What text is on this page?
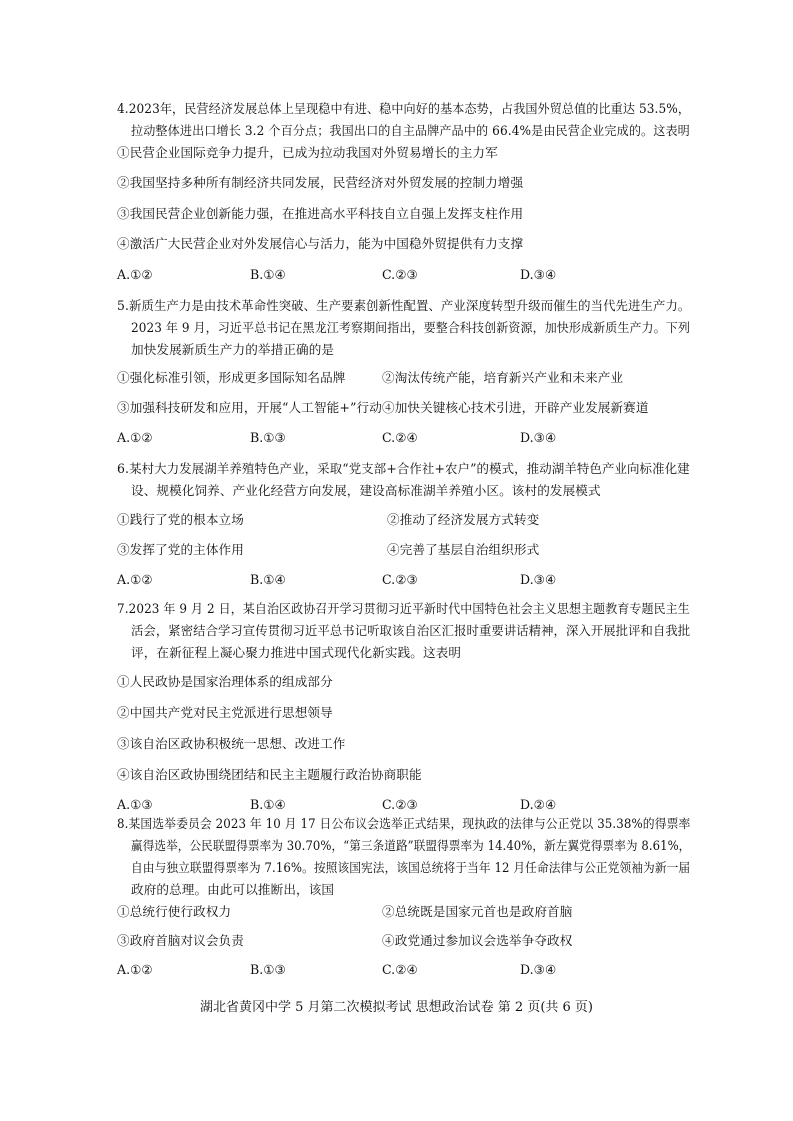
4.2023年，民营经济发展总体上呈现稳中有进、稳中向好的基本态势，占我国外贸总值的比重达 53.5%，
拉动整体进出口增长 3.2 个百分点；我国出口的自主品牌产品中的 66.4%是由民营企业完成的。这表明
①民营企业国际竞争力提升，已成为拉动我国对外贸易增长的主力军
②我国坚持多种所有制经济共同发展，民营经济对外贸发展的控制力增强
③我国民营企业创新能力强，在推进高水平科技自立自强上发挥支柱作用
④激活广大民营企业对外发展信心与活力，能为中国稳外贸提供有力支撑
A.①②	B.①④	C.②③	D.③④
5.新质生产力是由技术革命性突破、生产要素创新性配置、产业深度转型升级而催生的当代先进生产力。
2023 年 9 月，习近平总书记在黑龙江考察期间指出，要整合科技创新资源，加快形成新质生产力。下列
加快发展新质生产力的举措正确的是
①强化标准引领，形成更多国际知名品牌	②淘汰传统产能，培育新兴产业和未来产业
③加强科技研发和应用，开展“人工智能+”行动 ④加快关键核心技术引进，开辟产业发展新赛道
A.①②	B.①③	C.②④	D.③④
6.某村大力发展湖羊养殖特色产业，采取“党支部+合作社+农户”的模式，推动湖羊特色产业向标准化建
设、规模化饲养、产业化经营方向发展，建设高标准湖羊养殖小区。该村的发展模式
①践行了党的根本立场	②推动了经济发展方式转变
③发挥了党的主体作用	④完善了基层自治组织形式
A.①②	B.①④	C.②③	D.③④
7.2023 年 9 月 2 日，某自治区政协召开学习贯彻习近平新时代中国特色社会主义思想主题教育专题民主生
活会，紧密结合学习宣传贯彻习近平总书记听取该自治区汇报时重要讲话精神，深入开展批评和自我批
评，在新征程上凝心聚力推进中国式现代化新实践。这表明
①人民政协是国家治理体系的组成部分
②中国共产党对民主党派进行思想领导
③该自治区政协积极统一思想、改进工作
④该自治区政协围绕团结和民主主题履行政治协商职能
A.①③	B.①④	C.②③	D.②④
8.某国选举委员会 2023 年 10 月 17 日公布议会选举正式结果，现执政的法律与公正党以 35.38%的得票率
赢得选举，公民联盟得票率为 30.70%，“第三条道路”联盟得票率为 14.40%，新左翼党得票率为 8.61%，
自由与独立联盟得票率为 7.16%。按照该国宪法，该国总统将于当年 12 月任命法律与公正党领袖为新一届
政府的总理。由此可以推断出，该国
①总统行使行政权力	②总统既是国家元首也是政府首脑
③政府首脑对议会负责	④政党通过参加议会选举争夺政权
A.①②	B.①③	C.②④	D.③④
湖北省黄冈中学 5 月第二次模拟考试 思想政治试卷 第 2 页(共 6 页)
